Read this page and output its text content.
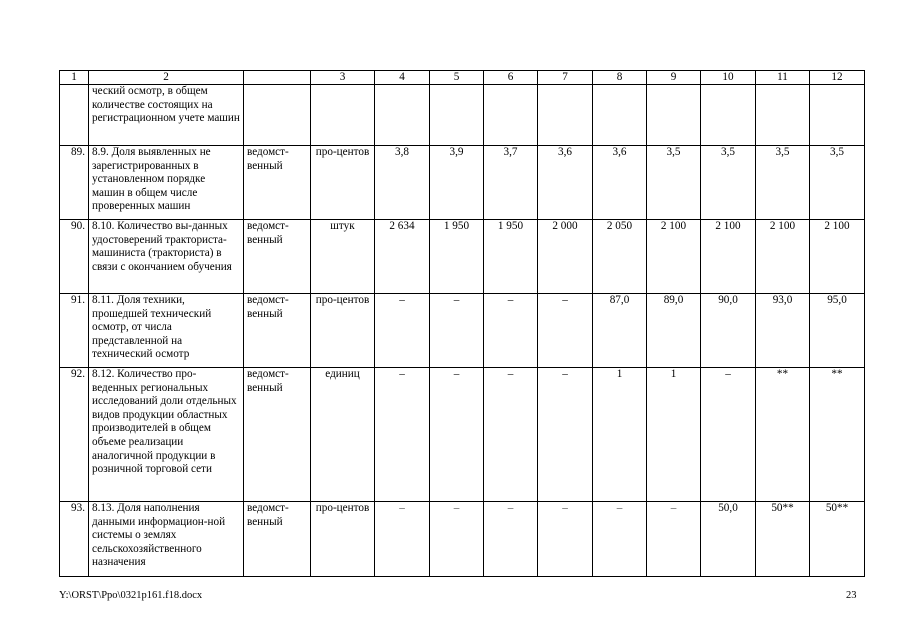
1	2		3	4	5	6	7	8	9	10	11	12
	ческий осмотр, в общем количестве состоящих на регистрационном учете машин											
89.	8.9. Доля выявленных не зарегистрированных в установленном порядке машин в общем числе проверенных машин	ведомст-венный	про-центов	3,8	3,9	3,7	3,6	3,6	3,5	3,5	3,5	3,5
90.	8.10. Количество вы-данных удостоверений тракториста-машиниста (тракториста) в связи с окончанием обучения	ведомст-венный	штук	2 634	1 950	1 950	2 000	2 050	2 100	2 100	2 100	2 100
91.	8.11. Доля техники, прошедшей технический осмотр, от числа представленной на технический осмотр	ведомст-венный	про-центов	–	–	–	–	87,0	89,0	90,0	93,0	95,0
92.	8.12. Количество про-веденных региональных исследований доли отдельных видов продукции областных производителей в общем объеме реализации аналогичной продукции в розничной торговой сети	ведомст-венный	единиц	–	–	–	–	1	1	–	**	**
93.	8.13. Доля наполнения данными информацион-ной системы о землях сельскохозяйственного назначения	ведомст-венный	про-центов	–	–	–	–	–	–	50,0	50**	50**
Y:\ORST\Ppo\0321p161.f18.docx	23
